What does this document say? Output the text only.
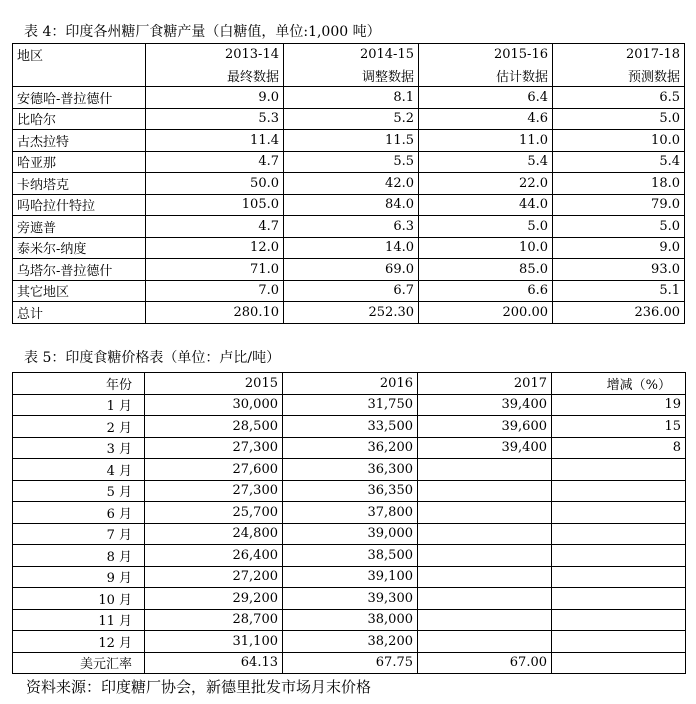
表 4：印度各州糖厂食糖产量（白糖值，单位:1,000 吨）
地区	2013-14	2014-15	2015-16	2017-18
	最终数据	调整数据	估计数据	预测数据
安德哈-普拉德什	9.0	8.1	6.4	6.5
比哈尔	5.3	5.2	4.6	5.0
古杰拉特	11.4	11.5	11.0	10.0
哈亚那	4.7	5.5	5.4	5.4
卡纳塔克	50.0	42.0	22.0	18.0
吗哈拉什特拉	105.0	84.0	44.0	79.0
旁遮普	4.7	6.3	5.0	5.0
泰米尔-纳度	12.0	14.0	10.0	9.0
乌塔尔-普拉德什	71.0	69.0	85.0	93.0
其它地区	7.0	6.7	6.6	5.1
总计	280.10	252.30	200.00	236.00
表 5：印度食糖价格表（单位：卢比/吨）
年份	2015	2016	2017	增减（%）
1 月	30,000	31,750	39,400	19
2 月	28,500	33,500	39,600	15
3 月	27,300	36,200	39,400	8
4 月	27,600	36,300		
5 月	27,300	36,350		
6 月	25,700	37,800		
7 月	24,800	39,000		
8 月	26,400	38,500		
9 月	27,200	39,100		
10 月	29,200	39,300		
11 月	28,700	38,000		
12 月	31,100	38,200		
美元汇率	64.13	67.75	67.00	
资料来源：印度糖厂协会，新德里批发市场月末价格
